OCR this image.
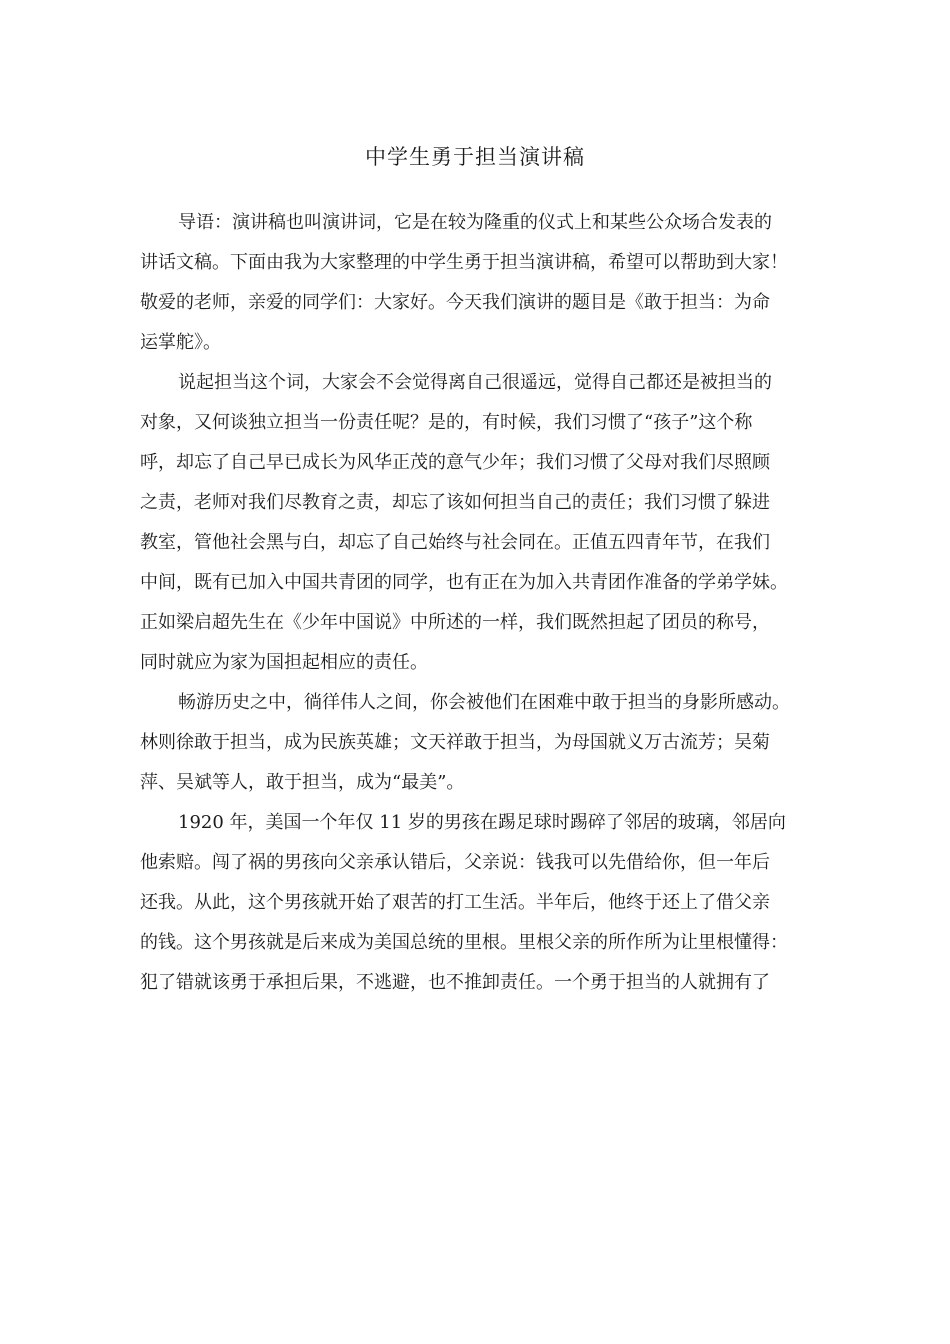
中学生勇于担当演讲稿
导语：演讲稿也叫演讲词，它是在较为隆重的仪式上和某些公众场合发表的
讲话文稿。下面由我为大家整理的中学生勇于担当演讲稿，希望可以帮助到大家！
敬爱的老师，亲爱的同学们：大家好。今天我们演讲的题目是《敢于担当：为命
运掌舵》。
说起担当这个词，大家会不会觉得离自己很遥远，觉得自己都还是被担当的
对象，又何谈独立担当一份责任呢？是的，有时候，我们习惯了“孩子”这个称
呼，却忘了自己早已成长为风华正茂的意气少年；我们习惯了父母对我们尽照顾
之责，老师对我们尽教育之责，却忘了该如何担当自己的责任；我们习惯了躲进
教室，管他社会黑与白，却忘了自己始终与社会同在。正值五四青年节，在我们
中间，既有已加入中国共青团的同学，也有正在为加入共青团作准备的学弟学妹。
正如梁启超先生在《少年中国说》中所述的一样，我们既然担起了团员的称号，
同时就应为家为国担起相应的责任。
畅游历史之中，徜徉伟人之间，你会被他们在困难中敢于担当的身影所感动。
林则徐敢于担当，成为民族英雄；文天祥敢于担当，为母国就义万古流芳；吴菊
萍、吴斌等人，敢于担当，成为“最美”。
1920 年，美国一个年仅 11 岁的男孩在踢足球时踢碎了邻居的玻璃，邻居向
他索赔。闯了祸的男孩向父亲承认错后，父亲说：钱我可以先借给你，但一年后
还我。从此，这个男孩就开始了艰苦的打工生活。半年后，他终于还上了借父亲
的钱。这个男孩就是后来成为美国总统的里根。里根父亲的所作所为让里根懂得：
犯了错就该勇于承担后果，不逃避，也不推卸责任。一个勇于担当的人就拥有了
